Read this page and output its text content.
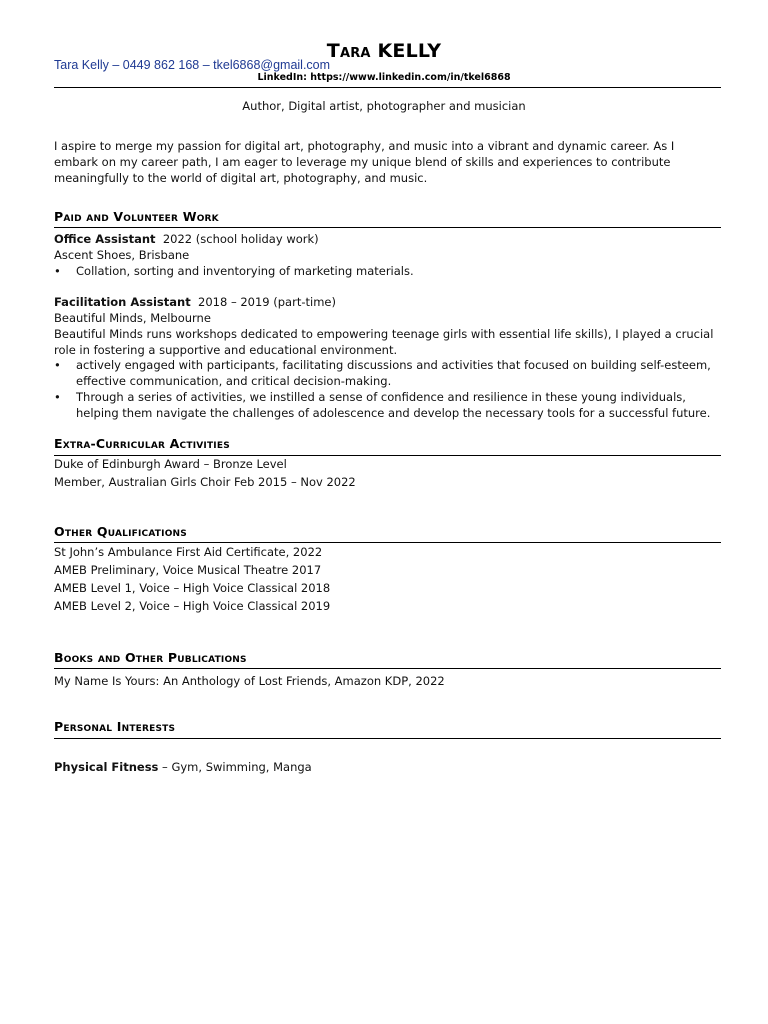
Tara KELLY
Tara Kelly – 0449 862 168 – tkel6868@gmail.com
LinkedIn: https://www.linkedin.com/in/tkel6868
Author, Digital artist, photographer and musician
I aspire to merge my passion for digital art, photography, and music into a vibrant and dynamic career. As I embark on my career path, I am eager to leverage my unique blend of skills and experiences to contribute meaningfully to the world of digital art, photography, and music.
Paid and Volunteer Work
Office Assistant 2022 (school holiday work)
Ascent Shoes, Brisbane
•	Collation, sorting and inventorying of marketing materials.
Facilitation Assistant 2018 – 2019 (part-time)
Beautiful Minds, Melbourne
Beautiful Minds runs workshops dedicated to empowering teenage girls with essential life skills), I played a crucial role in fostering a supportive and educational environment.
•	actively engaged with participants, facilitating discussions and activities that focused on building self-esteem, effective communication, and critical decision-making.
•	Through a series of activities, we instilled a sense of confidence and resilience in these young individuals, helping them navigate the challenges of adolescence and develop the necessary tools for a successful future.
Extra-Curricular Activities
Duke of Edinburgh Award – Bronze Level
Member, Australian Girls Choir Feb 2015 – Nov 2022
Other Qualifications
St John’s Ambulance First Aid Certificate, 2022
AMEB Preliminary, Voice Musical Theatre 2017
AMEB Level 1, Voice – High Voice Classical 2018
AMEB Level 2, Voice – High Voice Classical 2019
Books and Other Publications
My Name Is Yours: An Anthology of Lost Friends, Amazon KDP, 2022
Personal Interests
Physical Fitness – Gym, Swimming, Manga
